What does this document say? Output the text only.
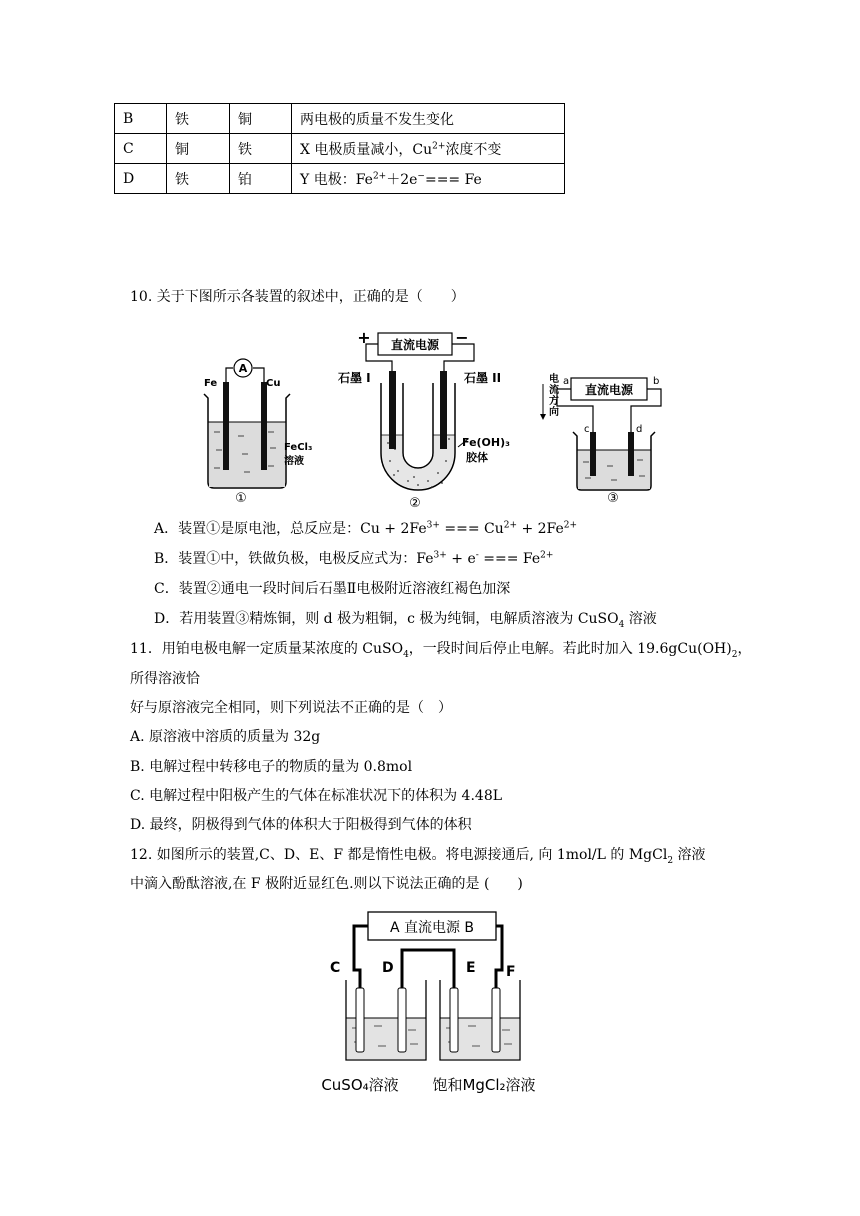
B	铁	铜	两电极的质量不发生变化
C	铜	铁	X 电极质量减小，$Cu^{2+}$浓度不变
D	铁	铂	Y 电极：$Fe^{2+}+2e^-=== Fe$
10. 关于下图所示各装置的叙述中，正确的是（　　）
A
Fe	Cu
FeCl₃
溶液
①
+	−
直流电源
石墨 I	石墨 II
Fe(OH)₃
胶体
②
电流方向
a	b
直流电源
c	d
③
A．装置①是原电池，总反应是：$Cu + 2Fe^{3+}$ === $Cu^{2+} + 2Fe^{2+}$
B．装置①中，铁做负极，电极反应式为：$Fe^{3+} + e^-$ === $Fe^{2+}$
C．装置②通电一段时间后石墨Ⅱ电极附近溶液红褐色加深
D．若用装置③精炼铜，则 d 极为粗铜，c 极为纯铜，电解质溶液为 CuSO$_4$ 溶液
11．用铂电极电解一定质量某浓度的 CuSO$_4$，一段时间后停止电解。若此时加入 $19.6gCu(OH)_2$，
所得溶液恰
好与原溶液完全相同，则下列说法不正确的是（　）
A. 原溶液中溶质的质量为 32g
B. 电解过程中转移电子的物质的量为 0.8mol
C. 电解过程中阳极产生的气体在标准状况下的体积为 4.48L
D. 最终，阴极得到气体的体积大于阳极得到气体的体积
12. 如图所示的装置,C、D、E、F 都是惰性电极。将电源接通后, 向 1mol/L 的 MgCl$_2$ 溶液
中滴入酚酞溶液,在 F 极附近显红色.则以下说法正确的是 (　　)
A 直流电源 B
C	D	E F
CuSO₄溶液 饱和MgCl₂溶液
